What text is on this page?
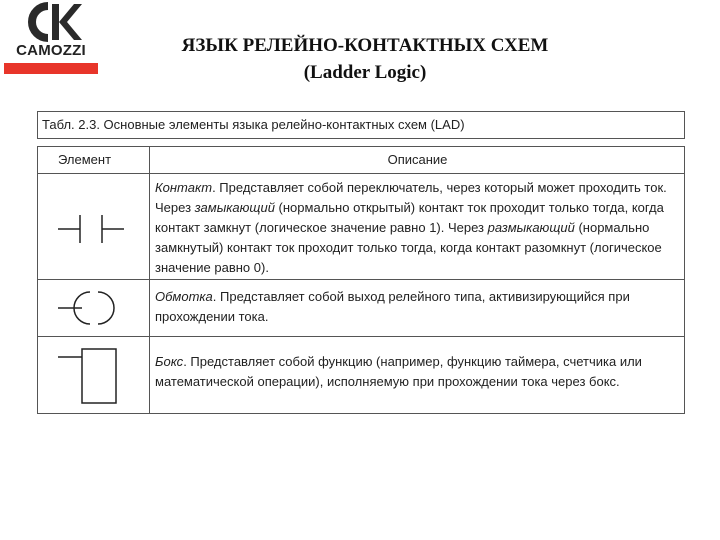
CAMOZZI	ЯЗЫК РЕЛЕЙНО-КОНТАКТНЫХ СХЕМ
(Ladder Logic)
Табл. 2.3. Основные элементы языка релейно-контактных схем (LAD)
Элемент	Описание
Контакт. Представляет собой переключатель, через который может проходить ток. Через замыкающий (нормально открытый) контакт ток проходит только тогда, когда контакт замкнут (логическое значение равно 1). Через размыкающий (нормально замкнутый) контакт ток проходит только тогда, когда контакт разомкнут (логическое значение равно 0).
Обмотка. Представляет собой выход релейного типа, активизирующийся при прохождении тока.
Бокс. Представляет собой функцию (например, функцию таймера, счетчика или математической операции), исполняемую при прохождении тока через бокс.
